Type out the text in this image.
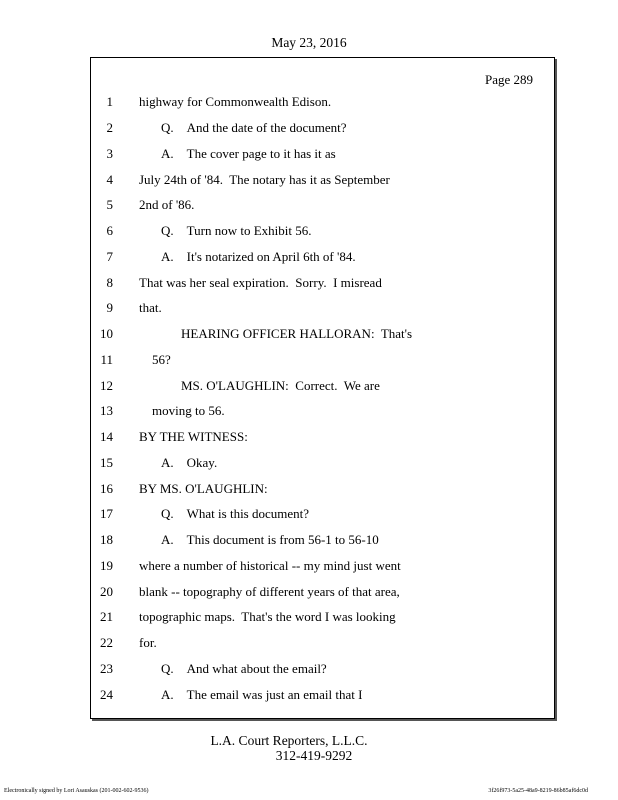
May 23, 2016
Page 289
1 highway for Commonwealth Edison.
2	Q.    And the date of the document?
3	A.    The cover page to it has it as
4 July 24th of '84.  The notary has it as September
5 2nd of '86.
6	Q.    Turn now to Exhibit 56.
7	A.    It's notarized on April 6th of '84.
8 That was her seal expiration.  Sorry.  I misread
9 that.
10	HEARING OFFICER HALLORAN:  That's
11	56?
12	MS. O'LAUGHLIN:  Correct.  We are
13	moving to 56.
14 BY THE WITNESS:
15	A.    Okay.
16 BY MS. O'LAUGHLIN:
17	Q.    What is this document?
18	A.    This document is from 56-1 to 56-10
19 where a number of historical -- my mind just went
20 blank -- topography of different years of that area,
21 topographic maps.  That's the word I was looking
22 for.
23	Q.    And what about the email?
24	A.    The email was just an email that I
L.A. Court Reporters, L.L.C.
312-419-9292
Electronically signed by Lori Asauskas (201-002-602-9536)	3f26f973-5a25-48a9-8219-86b85af6dc0d
